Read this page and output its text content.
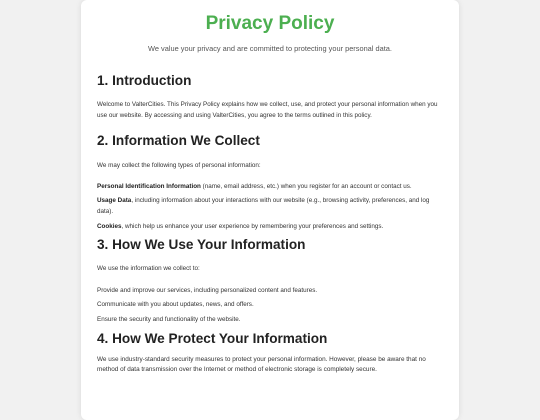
Privacy Policy
We value your privacy and are committed to protecting your personal data.
1. Introduction

Welcome to ValterCities. This Privacy Policy explains how we collect, use, and protect your personal information when you use our website. By accessing and using ValterCities, you agree to the terms outlined in this policy.

2. Information We Collect

We may collect the following types of personal information:

Personal Identification Information (name, email address, etc.) when you register for an account or contact us.

Usage Data, including information about your interactions with our website (e.g., browsing activity, preferences, and log data).

Cookies, which help us enhance your user experience by remembering your preferences and settings.

3. How We Use Your Information

We use the information we collect to:

Provide and improve our services, including personalized content and features.

Communicate with you about updates, news, and offers.

Ensure the security and functionality of the website.

4. How We Protect Your Information

We use industry-standard security measures to protect your personal information. However, please be aware that no method of data transmission over the Internet or method of electronic storage is completely secure.
